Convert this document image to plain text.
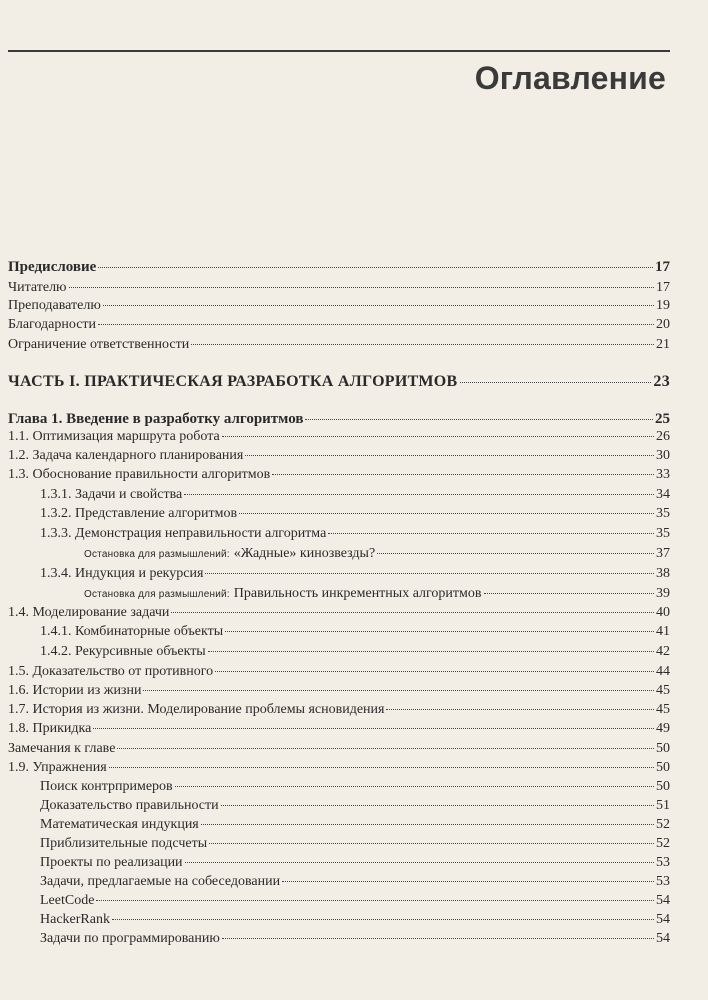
Оглавление
Предисловие	17
Читателю	17
Преподавателю	19
Благодарности	20
Ограничение ответственности	21
ЧАСТЬ I. ПРАКТИЧЕСКАЯ РАЗРАБОТКА АЛГОРИТМОВ	23
Глава 1. Введение в разработку алгоритмов	25
1.1. Оптимизация маршрута робота	26
1.2. Задача календарного планирования	30
1.3. Обоснование правильности алгоритмов	33
1.3.1. Задачи и свойства	34
1.3.2. Представление алгоритмов	35
1.3.3. Демонстрация неправильности алгоритма	35
Остановка для размышлений: «Жадные» кинозвезды?	37
1.3.4. Индукция и рекурсия	38
Остановка для размышлений: Правильность инкрементных алгоритмов	39
1.4. Моделирование задачи	40
1.4.1. Комбинаторные объекты	41
1.4.2. Рекурсивные объекты	42
1.5. Доказательство от противного	44
1.6. Истории из жизни	45
1.7. История из жизни. Моделирование проблемы ясновидения	45
1.8. Прикидка	49
Замечания к главе	50
1.9. Упражнения	50
Поиск контрпримеров	50
Доказательство правильности	51
Математическая индукция	52
Приблизительные подсчеты	52
Проекты по реализации	53
Задачи, предлагаемые на собеседовании	53
LeetCode	54
HackerRank	54
Задачи по программированию	54
